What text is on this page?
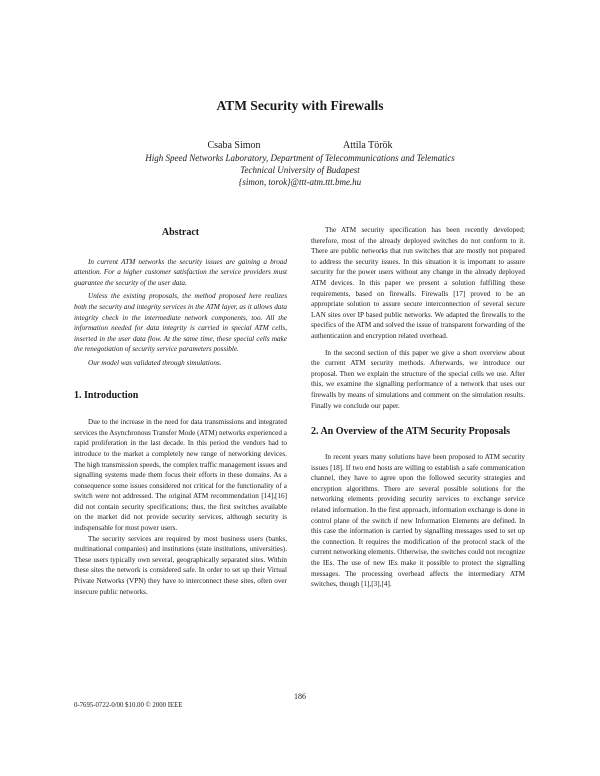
ATM Security with Firewalls
Csaba Simon	Attila Török
High Speed Networks Laboratory, Department of Telecommunications and Telematics
Technical University of Budapest
{simon, torok}@ttt-atm.ttt.bme.hu
Abstract

In current ATM networks the security issues are gaining a broad attention. For a higher customer satisfaction the service providers must guarantee the security of the user data.

Unless the existing proposals, the method proposed here realizes both the security and integrity services in the ATM layer, as it allows data integrity check in the intermediate network components, too. All the information needed for data integrity is carried in special ATM cells, inserted in the user data flow. At the same time, these special cells make the renegotiation of security service parameters possible.

Our model was validated through simulations.

1. Introduction

Due to the increase in the need for data transmissions and integrated services the Asynchronous Transfer Mode (ATM) networks experienced a rapid proliferation in the last decade. In this period the vendors had to introduce to the market a completely new range of networking devices. The high transmission speeds, the complex traffic management issues and signalling systems made them focus their efforts in these domains. As a consequence some issues considered not critical for the functionality of a switch were not addressed. The original ATM recommendation [14],[16] did not contain security specifications; thus, the first switches available on the market did not provide security services, although security is indispensable for most power users.

The security services are required by most business users (banks, multinational companies) and institutions (state institutions, universities). These users typically own several, geographically separated sites. Within these sites the network is considered safe. In order to set up their Virtual Private Networks (VPN) they have to interconnect these sites, often over insecure public networks.

The ATM security specification has been recently developed; therefore, most of the already deployed switches do not conform to it. There are public networks that run switches that are mostly not prepared to address the security issues. In this situation it is important to assure security for the power users without any change in the already deployed ATM devices. In this paper we present a solution fulfilling these requirements, based on firewalls. Firewalls [17] proved to be an appropriate solution to assure secure interconnection of several secure LAN sites over IP based public networks. We adapted the firewalls to the specifics of the ATM and solved the issue of transparent forwarding of the authentication and encryption related overhead.

In the second section of this paper we give a short overview about the current ATM security methods. Afterwards, we introduce our proposal. Then we explain the structure of the special cells we use. After this, we examine the signalling performance of a network that uses our firewalls by means of simulations and comment on the simulation results. Finally we conclude our paper.

2. An Overview of the ATM Security Proposals

In recent years many solutions have been proposed to ATM security issues [18]. If two end hosts are willing to establish a safe communication channel, they have to agree upon the followed security strategies and encryption algorithms. There are several possible solutions for the networking elements providing security services to exchange service related information. In the first approach, information exchange is done in control plane of the switch if new Information Elements are defined. In this case the information is carried by signalling messages used to set up the connection. It requires the modification of the protocol stack of the current networking elements. Otherwise, the switches could not recognize the IEs. The use of new IEs make it possible to protect the signalling messages. The processing overhead affects the intermediary ATM switches, though [1],[3],[4].

186
0-7695-0722-0/00 $10.00 © 2000 IEEE
